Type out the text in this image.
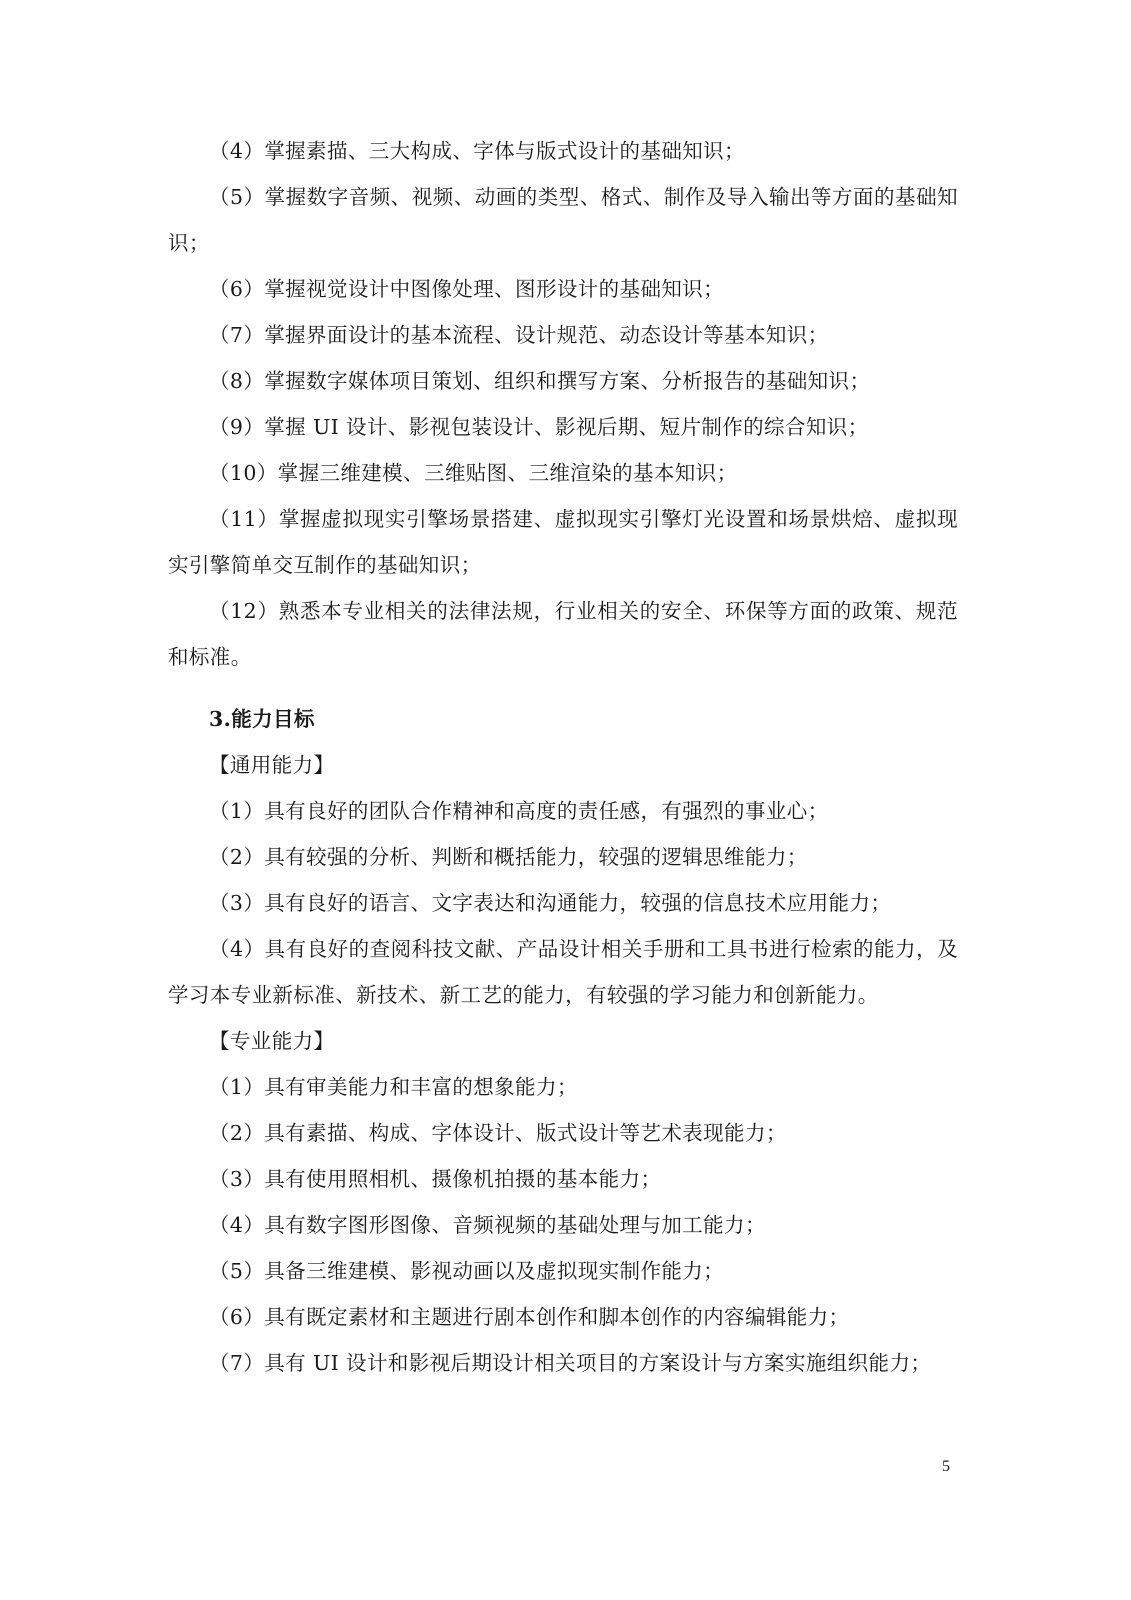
（4）掌握素描、三大构成、字体与版式设计的基础知识；

（5）掌握数字音频、视频、动画的类型、格式、制作及导入输出等方面的基础知识；

（6）掌握视觉设计中图像处理、图形设计的基础知识；

（7）掌握界面设计的基本流程、设计规范、动态设计等基本知识；

（8）掌握数字媒体项目策划、组织和撰写方案、分析报告的基础知识；

（9）掌握 UI 设计、影视包装设计、影视后期、短片制作的综合知识；

（10）掌握三维建模、三维贴图、三维渲染的基本知识；

（11）掌握虚拟现实引擎场景搭建、虚拟现实引擎灯光设置和场景烘焙、虚拟现实引擎简单交互制作的基础知识；

（12）熟悉本专业相关的法律法规，行业相关的安全、环保等方面的政策、规范和标准。

3.能力目标

【通用能力】

（1）具有良好的团队合作精神和高度的责任感，有强烈的事业心；

（2）具有较强的分析、判断和概括能力，较强的逻辑思维能力；

（3）具有良好的语言、文字表达和沟通能力，较强的信息技术应用能力；

（4）具有良好的查阅科技文献、产品设计相关手册和工具书进行检索的能力，及学习本专业新标准、新技术、新工艺的能力，有较强的学习能力和创新能力。

【专业能力】

（1）具有审美能力和丰富的想象能力；

（2）具有素描、构成、字体设计、版式设计等艺术表现能力；

（3）具有使用照相机、摄像机拍摄的基本能力；

（4）具有数字图形图像、音频视频的基础处理与加工能力；

（5）具备三维建模、影视动画以及虚拟现实制作能力；

（6）具有既定素材和主题进行剧本创作和脚本创作的内容编辑能力；

（7）具有 UI 设计和影视后期设计相关项目的方案设计与方案实施组织能力；

5
